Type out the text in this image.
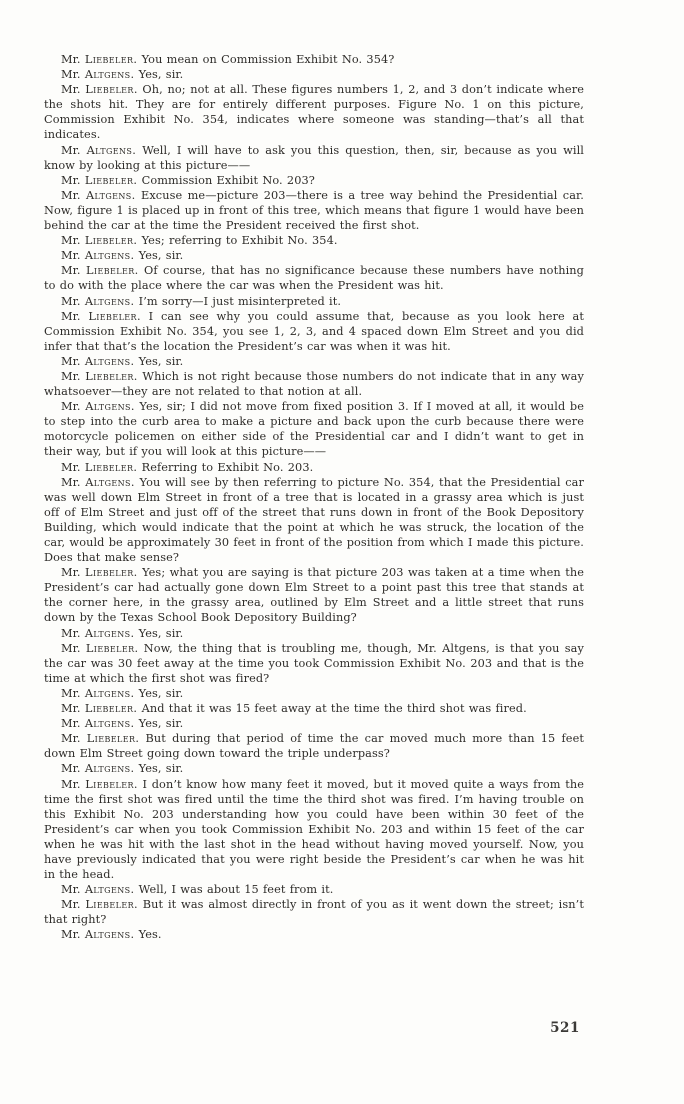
Mr. Liebeler. You mean on Commission Exhibit No. 354?

Mr. Altgens. Yes, sir.

Mr. Liebeler. Oh, no; not at all. These figures numbers 1, 2, and 3 don’t indicate where the shots hit. They are for entirely different purposes. Figure No. 1 on this picture, Commission Exhibit No. 354, indicates where someone was standing—that’s all that indicates.

Mr. Altgens. Well, I will have to ask you this question, then, sir, because as you will know by looking at this picture——

Mr. Liebeler. Commission Exhibit No. 203?

Mr. Altgens. Excuse me—picture 203—there is a tree way behind the Presidential car. Now, figure 1 is placed up in front of this tree, which means that figure 1 would have been behind the car at the time the President received the first shot.

Mr. Liebeler. Yes; referring to Exhibit No. 354.

Mr. Altgens. Yes, sir.

Mr. Liebeler. Of course, that has no significance because these numbers have nothing to do with the place where the car was when the President was hit.

Mr. Altgens. I’m sorry—I just misinterpreted it.

Mr. Liebeler. I can see why you could assume that, because as you look here at Commission Exhibit No. 354, you see 1, 2, 3, and 4 spaced down Elm Street and you did infer that that’s the location the President’s car was when it was hit.

Mr. Altgens. Yes, sir.

Mr. Liebeler. Which is not right because those numbers do not indicate that in any way whatsoever—they are not related to that notion at all.

Mr. Altgens. Yes, sir; I did not move from fixed position 3. If I moved at all, it would be to step into the curb area to make a picture and back upon the curb because there were motorcycle policemen on either side of the Presidential car and I didn’t want to get in their way, but if you will look at this picture——

Mr. Liebeler. Referring to Exhibit No. 203.

Mr. Altgens. You will see by then referring to picture No. 354, that the Presidential car was well down Elm Street in front of a tree that is located in a grassy area which is just off of Elm Street and just off of the street that runs down in front of the Book Depository Building, which would indicate that the point at which he was struck, the location of the car, would be approximately 30 feet in front of the position from which I made this picture. Does that make sense?

Mr. Liebeler. Yes; what you are saying is that picture 203 was taken at a time when the President’s car had actually gone down Elm Street to a point past this tree that stands at the corner here, in the grassy area, outlined by Elm Street and a little street that runs down by the Texas School Book Depository Building?

Mr. Altgens. Yes, sir.

Mr. Liebeler. Now, the thing that is troubling me, though, Mr. Altgens, is that you say the car was 30 feet away at the time you took Commission Exhibit No. 203 and that is the time at which the first shot was fired?

Mr. Altgens. Yes, sir.

Mr. Liebeler. And that it was 15 feet away at the time the third shot was fired.

Mr. Altgens. Yes, sir.

Mr. Liebeler. But during that period of time the car moved much more than 15 feet down Elm Street going down toward the triple underpass?

Mr. Altgens. Yes, sir.

Mr. Liebeler. I don’t know how many feet it moved, but it moved quite a ways from the time the first shot was fired until the time the third shot was fired. I’m having trouble on this Exhibit No. 203 understanding how you could have been within 30 feet of the President’s car when you took Commission Exhibit No. 203 and within 15 feet of the car when he was hit with the last shot in the head without having moved yourself. Now, you have previously indicated that you were right beside the President’s car when he was hit in the head.

Mr. Altgens. Well, I was about 15 feet from it.

Mr. Liebeler. But it was almost directly in front of you as it went down the street; isn’t that right?

Mr. Altgens. Yes.

521
